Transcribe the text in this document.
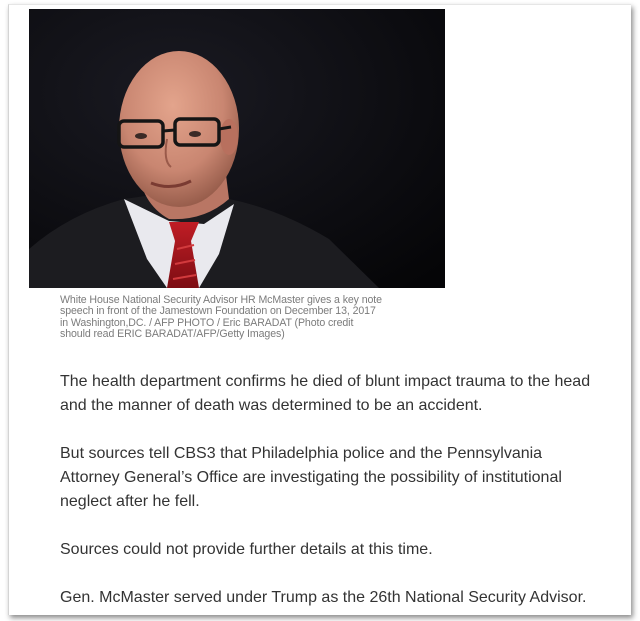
White House National Security Advisor HR McMaster gives a key note
speech in front of the Jamestown Foundation on December 13, 2017
in Washington,DC. / AFP PHOTO / Eric BARADAT (Photo credit
should read ERIC BARADAT/AFP/Getty Images)

The health department confirms he died of blunt impact trauma to the head
and the manner of death was determined to be an accident.

But sources tell CBS3 that Philadelphia police and the Pennsylvania
Attorney General’s Office are investigating the possibility of institutional
neglect after he fell.

Sources could not provide further details at this time.

Gen. McMaster served under Trump as the 26th National Security Advisor.
